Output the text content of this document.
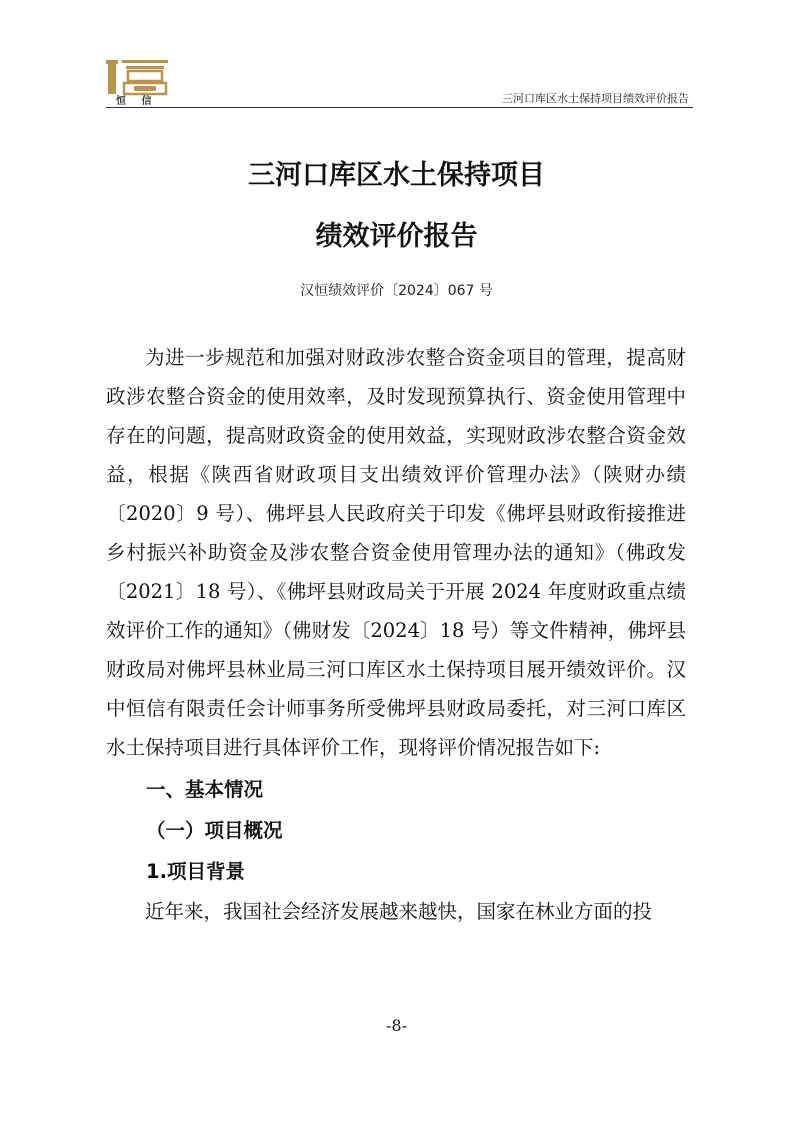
恒 信	三河口库区水土保持项目绩效评价报告
三河口库区水土保持项目
绩效评价报告
汉恒绩效评价〔2024〕067 号

为进一步规范和加强对财政涉农整合资金项目的管理，提高财政涉农整合资金的使用效率，及时发现预算执行、资金使用管理中存在的问题，提高财政资金的使用效益，实现财政涉农整合资金效益，根据《陕西省财政项目支出绩效评价管理办法》（陕财办绩〔2020〕9 号）、佛坪县人民政府关于印发《佛坪县财政衔接推进乡村振兴补助资金及涉农整合资金使用管理办法的通知》（佛政发〔2021〕18 号）、《佛坪县财政局关于开展 2024 年度财政重点绩效评价工作的通知》（佛财发〔2024〕18 号）等文件精神，佛坪县财政局对佛坪县林业局三河口库区水土保持项目展开绩效评价。汉中恒信有限责任会计师事务所受佛坪县财政局委托，对三河口库区水土保持项目进行具体评价工作，现将评价情况报告如下:

一、基本情况

（一）项目概况

1.项目背景

近年来，我国社会经济发展越来越快，国家在林业方面的投

-8-
